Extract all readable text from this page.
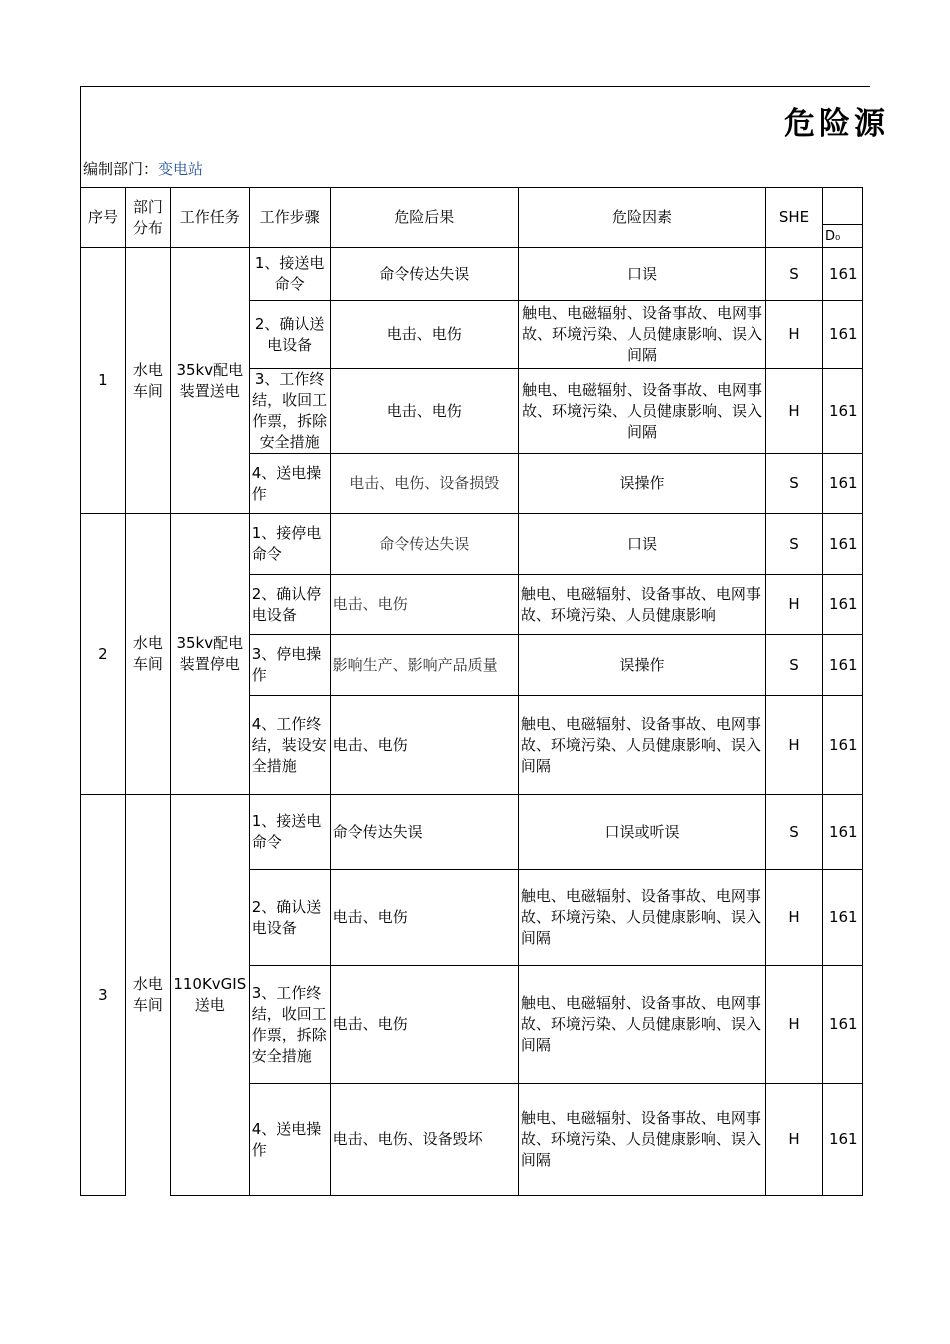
危险源
编制部门：变电站
序号	部门分布	工作任务	工作步骤	危险后果	危险因素	SHE	
							D₀
1	水电车间	35kv配电装置送电	1、接送电命令	命令传达失误	口误	S	161
			2、确认送电设备	电击、电伤	触电、电磁辐射、设备事故、电网事故、环境污染、人员健康影响、误入间隔	H	161
			3、工作终结，收回工作票，拆除安全措施	电击、电伤	触电、电磁辐射、设备事故、电网事故、环境污染、人员健康影响、误入间隔	H	161
			4、送电操作	电击、电伤、设备损毁	误操作	S	161
2	水电车间	35kv配电装置停电	1、接停电命令	命令传达失误	口误	S	161
			2、确认停电设备	电击、电伤	触电、电磁辐射、设备事故、电网事故、环境污染、人员健康影响	H	161
			3、停电操作	影响生产、影响产品质量	误操作	S	161
			4、工作终结，装设安全措施	电击、电伤	触电、电磁辐射、设备事故、电网事故、环境污染、人员健康影响、误入间隔	H	161
3	水电车间	110KvGIS送电	1、接送电命令	命令传达失误	口误或听误	S	161
			2、确认送电设备	电击、电伤	触电、电磁辐射、设备事故、电网事故、环境污染、人员健康影响、误入间隔	H	161
			3、工作终结，收回工作票，拆除安全措施	电击、电伤	触电、电磁辐射、设备事故、电网事故、环境污染、人员健康影响、误入间隔	H	161
			4、送电操作	电击、电伤、设备毁坏	触电、电磁辐射、设备事故、电网事故、环境污染、人员健康影响、误入间隔	H	161
